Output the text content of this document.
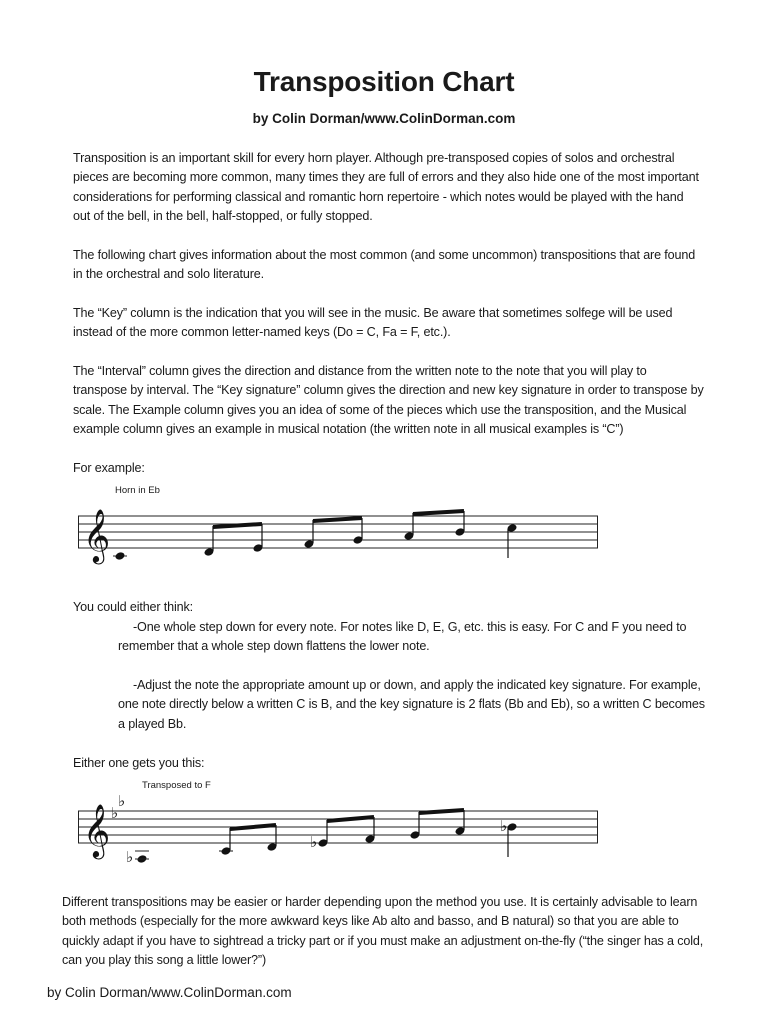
Transposition Chart
by Colin Dorman/www.ColinDorman.com
Transposition is an important skill for every horn player. Although pre-transposed copies of solos and orchestral
pieces are becoming more common, many times they are full of errors and they also hide one of the most important
considerations for performing classical and romantic horn repertoire - which notes would be played with the hand
out of the bell, in the bell, half-stopped, or fully stopped.
The following chart gives information about the most common (and some uncommon) transpositions that are found
in the orchestral and solo literature.
The “Key” column is the indication that you will see in the music. Be aware that sometimes solfege will be used
instead of the more common letter-named keys (Do = C, Fa = F, etc.).
The “Interval” column gives the direction and distance from the written note to the note that you will play to
transpose by interval. The “Key signature” column gives the direction and new key signature in order to transpose by
scale. The Example column gives you an idea of some of the pieces which use the transposition, and the Musical
example column gives an example in musical notation (the written note in all musical examples is “C”)
For example:
Horn in Eb
𝄞
You could either think:
-One whole step down for every note. For notes like D, E, G, etc. this is easy. For C and F you need to
remember that a whole step down flattens the lower note.
-Adjust the note the appropriate amount up or down, and apply the indicated key signature. For example,
one note directly below a written C is B, and the key signature is 2 flats (Bb and Eb), so a written C becomes
a played Bb.
Either one gets you this:
Transposed to F
𝄞 ♭
♭
♭
♭
♭
Different transpositions may be easier or harder depending upon the method you use. It is certainly advisable to learn
both methods (especially for the more awkward keys like Ab alto and basso, and B natural) so that you are able to
quickly adapt if you have to sightread a tricky part or if you must make an adjustment on-the-fly (“the singer has a cold,
can you play this song a little lower?”)
by Colin Dorman/www.ColinDorman.com
